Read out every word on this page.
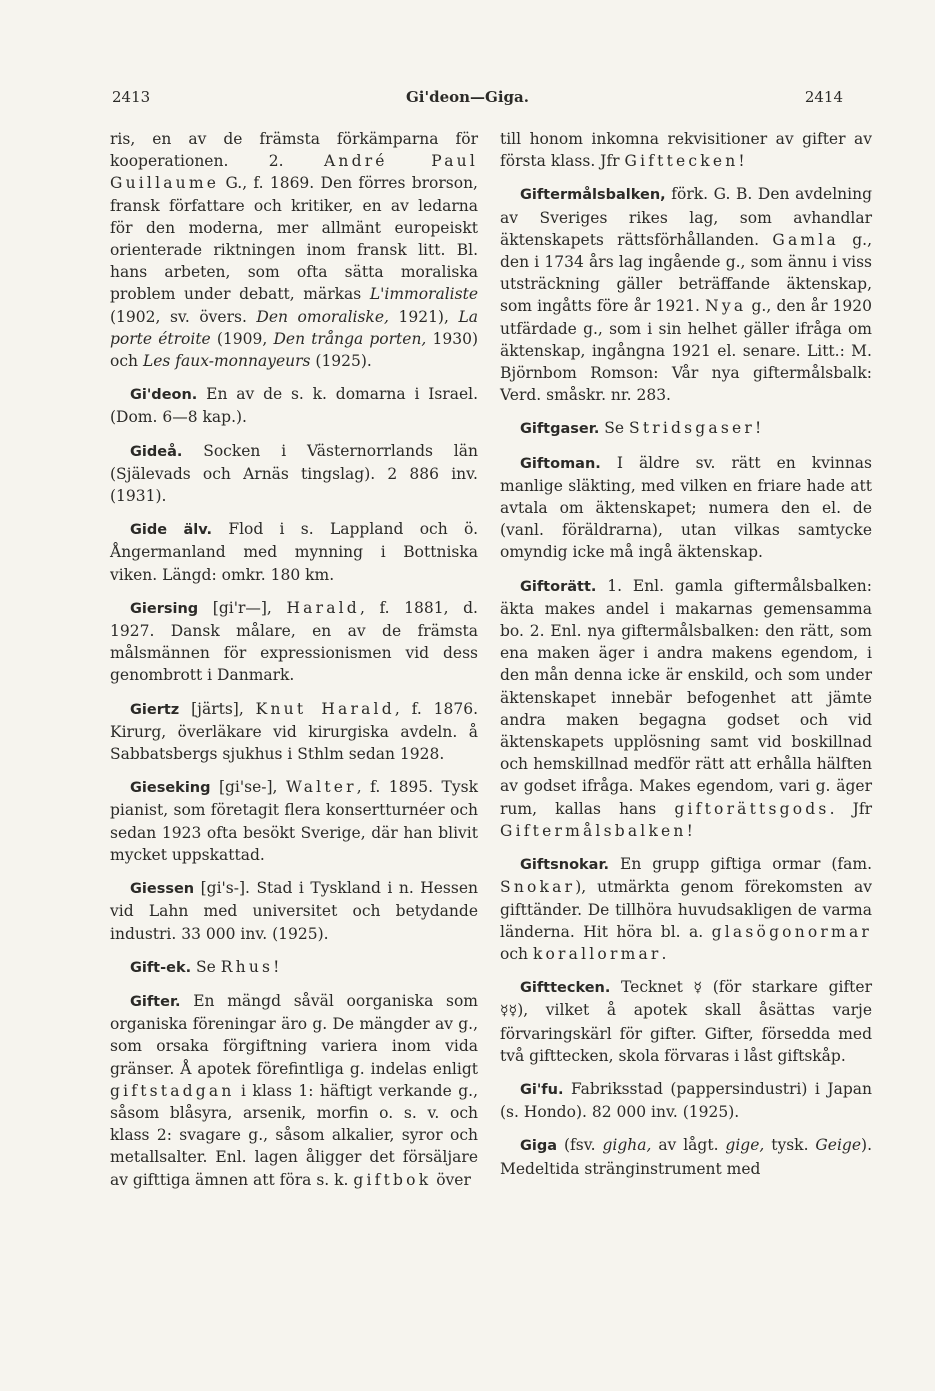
2413	Gi'deon—Giga.	2414

ris, en av de främsta förkämparna för kooperationen. 2. André Paul Guillaume G., f. 1869. Den förres brorson, fransk författare och kritiker, en av ledarna för den moderna, mer allmänt europeiskt orienterade riktningen inom fransk litt. Bl. hans arbeten, som ofta sätta moraliska problem under debatt, märkas L'immoraliste (1902, sv. övers. Den omoraliske, 1921), La porte étroite (1909, Den trånga porten, 1930) och Les faux-monnayeurs (1925).

Gi'deon. En av de s. k. domarna i Israel. (Dom. 6—8 kap.).

Gideå. Socken i Västernorrlands län (Själevads och Arnäs tingslag). 2 886 inv. (1931).

Gide älv. Flod i s. Lappland och ö. Ångermanland med mynning i Bottniska viken. Längd: omkr. 180 km.

Giersing [gi'r—], Harald, f. 1881, d. 1927. Dansk målare, en av de främsta målsmännen för expressionismen vid dess genombrott i Danmark.

Giertz [järts], Knut Harald, f. 1876. Kirurg, överläkare vid kirurgiska avdeln. å Sabbatsbergs sjukhus i Sthlm sedan 1928.

Gieseking [gi'se-], Walter, f. 1895. Tysk pianist, som företagit flera konsertturnéer och sedan 1923 ofta besökt Sverige, där han blivit mycket uppskattad.

Giessen [gi's-]. Stad i Tyskland i n. Hessen vid Lahn med universitet och betydande industri. 33 000 inv. (1925).

Gift-ek. Se Rhus!

Gifter. En mängd såväl oorganiska som organiska föreningar äro g. De mängder av g., som orsaka förgiftning variera inom vida gränser. Å apotek förefintliga g. indelas enligt giftstadgan i klass 1: häftigt verkande g., såsom blåsyra, arsenik, morfin o. s. v. och klass 2: svagare g., såsom alkalier, syror och metallsalter. Enl. lagen åligger det försäljare av gifttiga ämnen att föra s. k. giftbok över

till honom inkomna rekvisitioner av gifter av första klass. Jfr Gifttecken!

Giftermålsbalken, förk. G. B. Den avdelning av Sveriges rikes lag, som avhandlar äktenskapets rättsförhållanden. Gamla g., den i 1734 års lag ingående g., som ännu i viss utsträckning gäller beträffande äktenskap, som ingåtts före år 1921. Nya g., den år 1920 utfärdade g., som i sin helhet gäller ifråga om äktenskap, ingångna 1921 el. senare. Litt.: M. Björnbom Romson: Vår nya giftermålsbalk: Verd. småskr. nr. 283.

Giftgaser. Se Stridsgaser!

Giftoman. I äldre sv. rätt en kvinnas manlige släkting, med vilken en friare hade att avtala om äktenskapet; numera den el. de (vanl. föräldrarna), utan vilkas samtycke omyndig icke må ingå äktenskap.

Giftorätt. 1. Enl. gamla giftermålsbalken: äkta makes andel i makarnas gemensamma bo. 2. Enl. nya giftermålsbalken: den rätt, som ena maken äger i andra makens egendom, i den mån denna icke är enskild, och som under äktenskapet innebär befogenhet att jämte andra maken begagna godset och vid äktenskapets upplösning samt vid boskillnad och hemskillnad medför rätt att erhålla hälften av godset ifråga. Makes egendom, vari g. äger rum, kallas hans giftorättsgods. Jfr Giftermålsbalken!

Giftsnokar. En grupp giftiga ormar (fam. Snokar), utmärkta genom förekomsten av gifttänder. De tillhöra huvudsakligen de varma länderna. Hit höra bl. a. glasögonormar och korallormar.

Gifttecken. Tecknet ☿ (för starkare gifter ☿☿), vilket å apotek skall åsättas varje förvaringskärl för gifter. Gifter, försedda med två gifttecken, skola förvaras i låst giftskåp.

Gi'fu. Fabriksstad (pappersindustri) i Japan (s. Hondo). 82 000 inv. (1925).

Giga (fsv. gigha, av lågt. gige, tysk. Geige). Medeltida stränginstrument med
